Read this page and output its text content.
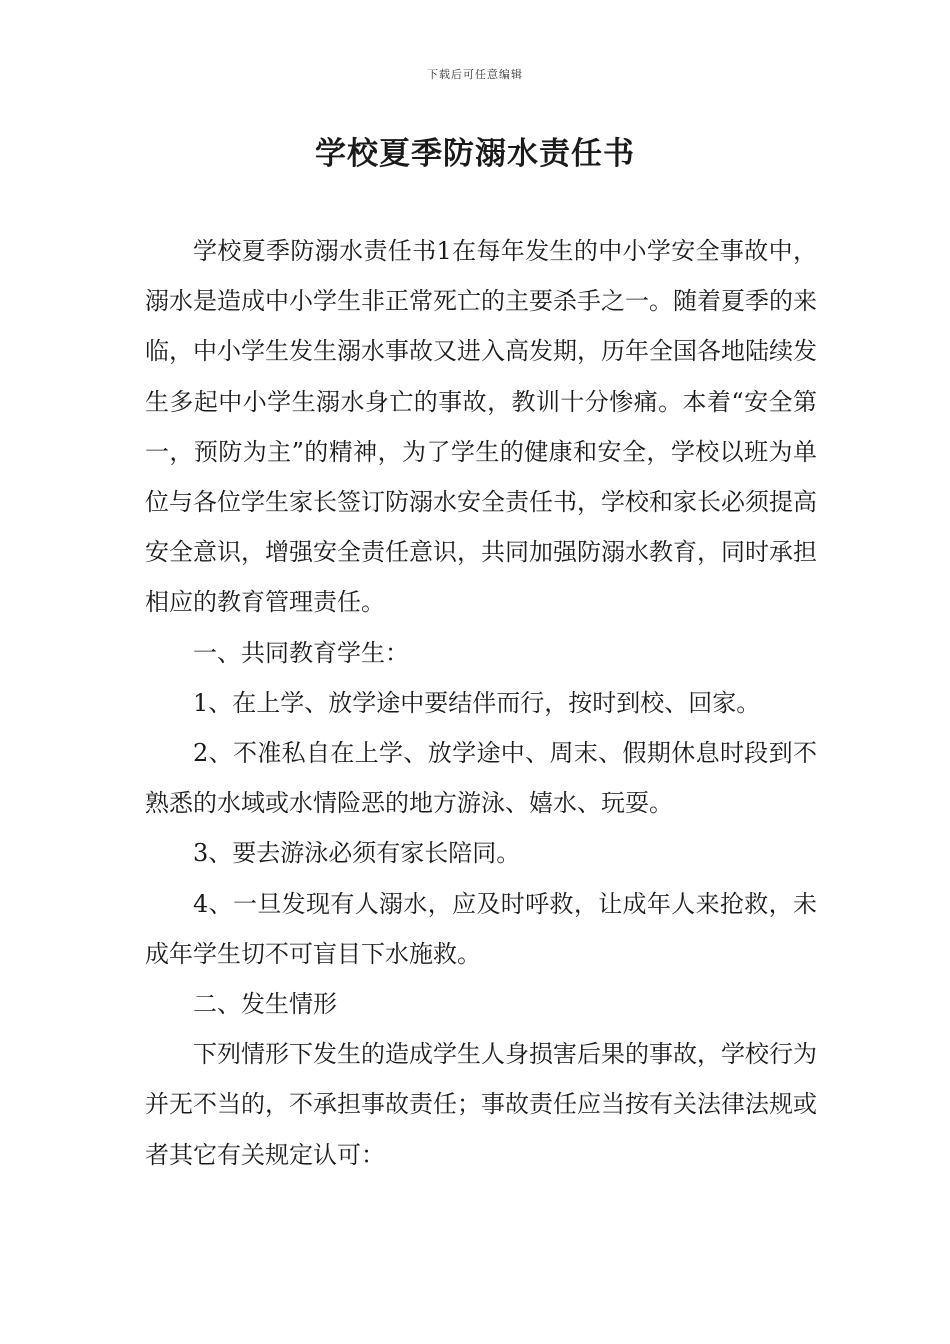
下载后可任意编辑
学校夏季防溺水责任书

学校夏季防溺水责任书1在每年发生的中小学安全事故中，溺水是造成中小学生非正常死亡的主要杀手之一。随着夏季的来临，中小学生发生溺水事故又进入高发期，历年全国各地陆续发生多起中小学生溺水身亡的事故，教训十分惨痛。本着“安全第一，预防为主”的精神，为了学生的健康和安全，学校以班为单位与各位学生家长签订防溺水安全责任书，学校和家长必须提高安全意识，增强安全责任意识，共同加强防溺水教育，同时承担相应的教育管理责任。

一、共同教育学生：

1、在上学、放学途中要结伴而行，按时到校、回家。

2、不准私自在上学、放学途中、周末、假期休息时段到不熟悉的水域或水情险恶的地方游泳、嬉水、玩耍。

3、要去游泳必须有家长陪同。

4、一旦发现有人溺水，应及时呼救，让成年人来抢救，未成年学生切不可盲目下水施救。

二、发生情形

下列情形下发生的造成学生人身损害后果的事故，学校行为并无不当的，不承担事故责任；事故责任应当按有关法律法规或者其它有关规定认可：
